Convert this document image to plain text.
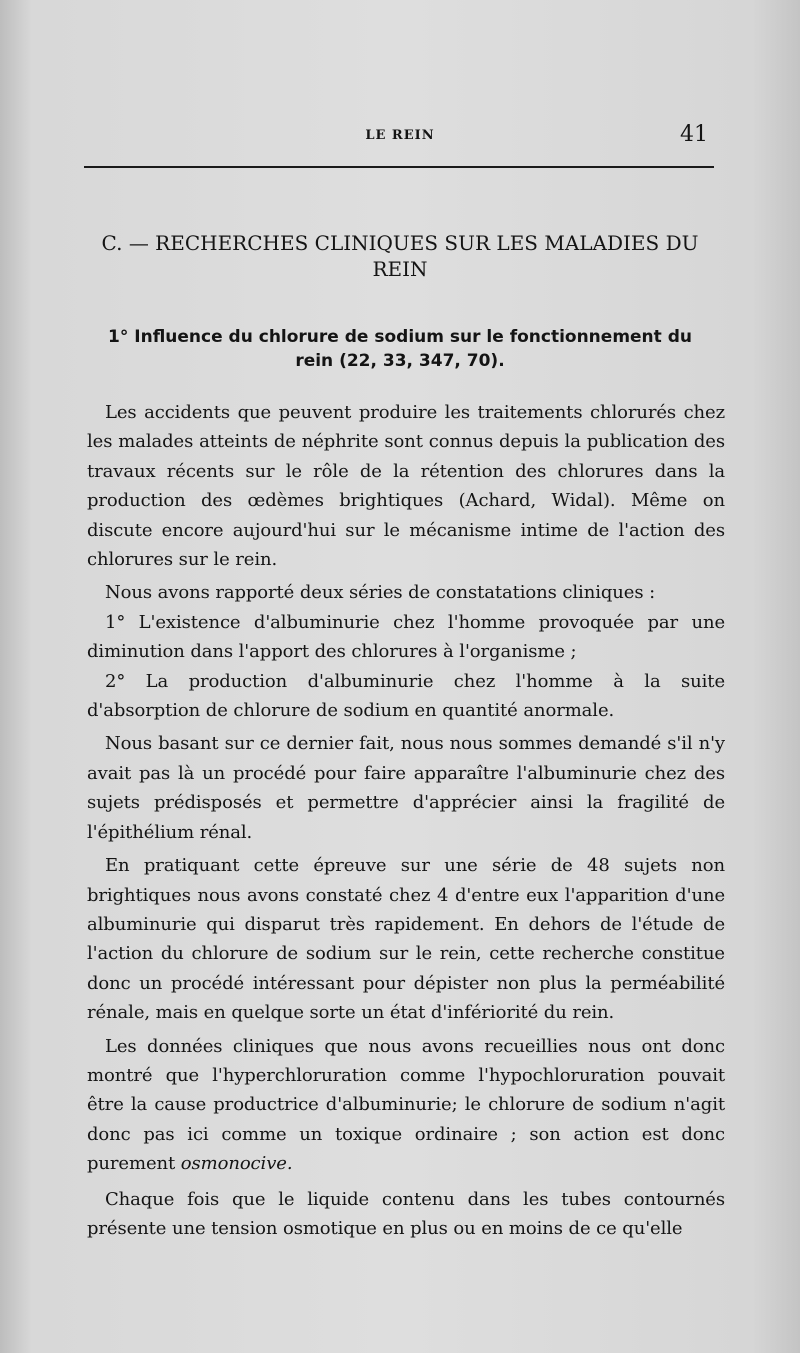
LE REIN	41
C. — RECHERCHES CLINIQUES SUR LES MALADIES DU REIN
1° Influence du chlorure de sodium sur le fonctionnement du rein (22, 33, 347, 70).

Les accidents que peuvent produire les traitements chlorurés chez les malades atteints de néphrite sont connus depuis la publication des travaux récents sur le rôle de la rétention des chlorures dans la production des œdèmes brightiques (Achard, Widal). Même on discute encore aujourd'hui sur le mécanisme intime de l'action des chlorures sur le rein.

Nous avons rapporté deux séries de constatations cliniques :

1° L'existence d'albuminurie chez l'homme provoquée par une diminution dans l'apport des chlorures à l'organisme ;

2° La production d'albuminurie chez l'homme à la suite d'absorption de chlorure de sodium en quantité anormale.

Nous basant sur ce dernier fait, nous nous sommes demandé s'il n'y avait pas là un procédé pour faire apparaître l'albuminurie chez des sujets prédisposés et permettre d'apprécier ainsi la fragilité de l'épithélium rénal.

En pratiquant cette épreuve sur une série de 48 sujets non brightiques nous avons constaté chez 4 d'entre eux l'apparition d'une albuminurie qui disparut très rapidement. En dehors de l'étude de l'action du chlorure de sodium sur le rein, cette recherche constitue donc un procédé intéressant pour dépister non plus la perméabilité rénale, mais en quelque sorte un état d'infériorité du rein.

Les données cliniques que nous avons recueillies nous ont donc montré que l'hyperchloruration comme l'hypochloruration pouvait être la cause productrice d'albuminurie; le chlorure de sodium n'agit donc pas ici comme un toxique ordinaire ; son action est donc purement osmonocive.

Chaque fois que le liquide contenu dans les tubes contournés présente une tension osmotique en plus ou en moins de ce qu'elle
